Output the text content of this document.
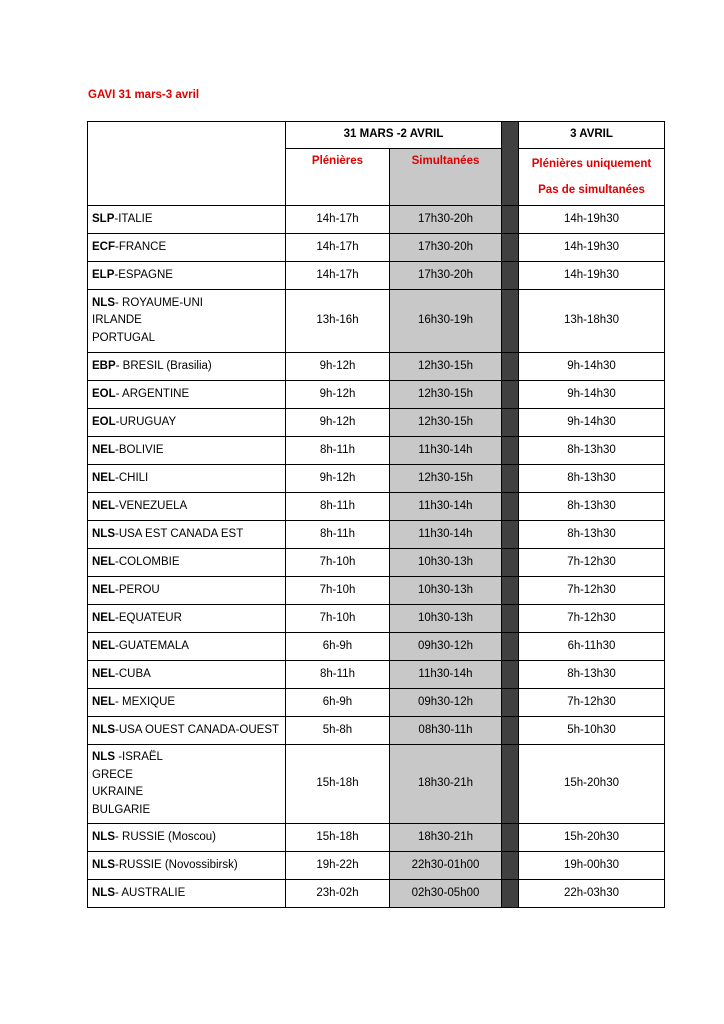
GAVI 31 mars-3 avril
	31 MARS -2 AVRIL			3 AVRIL
	Plénières	Simultanées		Plénières uniquement
Pas de simultanées

SLP-ITALIE	14h-17h	17h30-20h		14h-19h30

ECF-FRANCE	14h-17h	17h30-20h		14h-19h30

ELP-ESPAGNE	14h-17h	17h30-20h		14h-19h30

NLS- ROYAUME-UNI
IRLANDE
PORTUGAL	13h-16h	16h30-19h		13h-18h30

EBP- BRESIL (Brasilia)	9h-12h	12h30-15h		9h-14h30

EOL- ARGENTINE	9h-12h	12h30-15h		9h-14h30

EOL-URUGUAY	9h-12h	12h30-15h		9h-14h30

NEL-BOLIVIE	8h-11h	11h30-14h		8h-13h30

NEL-CHILI	9h-12h	12h30-15h		8h-13h30

NEL-VENEZUELA	8h-11h	11h30-14h		8h-13h30

NLS-USA EST CANADA EST	8h-11h	11h30-14h		8h-13h30

NEL-COLOMBIE	7h-10h	10h30-13h		7h-12h30

NEL-PEROU	7h-10h	10h30-13h		7h-12h30

NEL-EQUATEUR	7h-10h	10h30-13h		7h-12h30

NEL-GUATEMALA	6h-9h	09h30-12h		6h-11h30

NEL-CUBA	8h-11h	11h30-14h		8h-13h30

NEL- MEXIQUE	6h-9h	09h30-12h		7h-12h30

NLS-USA OUEST CANADA-OUEST	5h-8h	08h30-11h		5h-10h30

NLS -ISRAËL
GRECE
UKRAINE
BULGARIE	15h-18h	18h30-21h		15h-20h30

NLS- RUSSIE (Moscou)	15h-18h	18h30-21h		15h-20h30

NLS-RUSSIE (Novossibirsk)	19h-22h	22h30-01h00		19h-00h30

NLS- AUSTRALIE	23h-02h	02h30-05h00		22h-03h30
